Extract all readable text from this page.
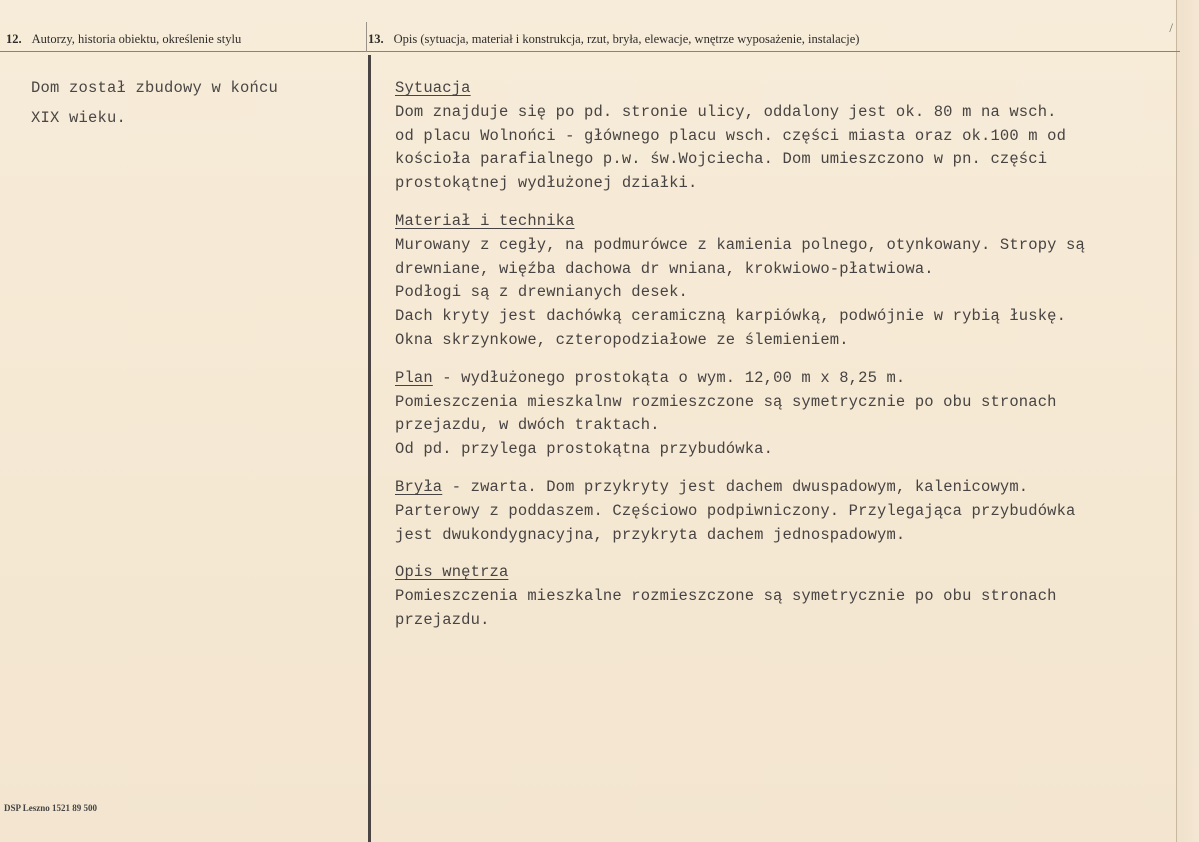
12. Autorzy, historia obiektu, określenie stylu	13. Opis (sytuacja, materiał i konstrukcja, rzut, bryła, elewacje, wnętrze wyposażenie, instalacje)
/

Dom został zbudowy w końcu

XIX wieku.

DSP Leszno 1521 89 500
Sytuacja
Dom znajduje się po pd. stronie ulicy, oddalony jest ok. 80 m na wsch.
od placu Wolnońci - głównego placu wsch. części miasta oraz ok.100 m od
kościoła parafialnego p.w. św.Wojciecha. Dom umieszczono w pn. części
prostokątnej wydłużonej działki.
Materiał i technika
Murowany z cegły, na podmurówce z kamienia polnego, otynkowany. Stropy są
drewniane, więźba dachowa dr wniana, krokwiowo-płatwiowa.
Podłogi są z drewnianych desek.
Dach kryty jest dachówką ceramiczną karpiówką, podwójnie w rybią łuskę.
Okna skrzynkowe, czteropodziałowe ze ślemieniem.
Plan - wydłużonego prostokąta o wym. 12,00 m x 8,25 m.
Pomieszczenia mieszkalnw rozmieszczone są symetrycznie po obu stronach
przejazdu, w dwóch traktach.
Od pd. przylega prostokątna przybudówka.
Bryła - zwarta. Dom przykryty jest dachem dwuspadowym, kalenicowym.
Parterowy z poddaszem. Częściowo podpiwniczony. Przylegająca przybudówka
jest dwukondygnacyjna, przykryta dachem jednospadowym.
Opis wnętrza
Pomieszczenia mieszkalne rozmieszczone są symetrycznie po obu stronach
przejazdu.
